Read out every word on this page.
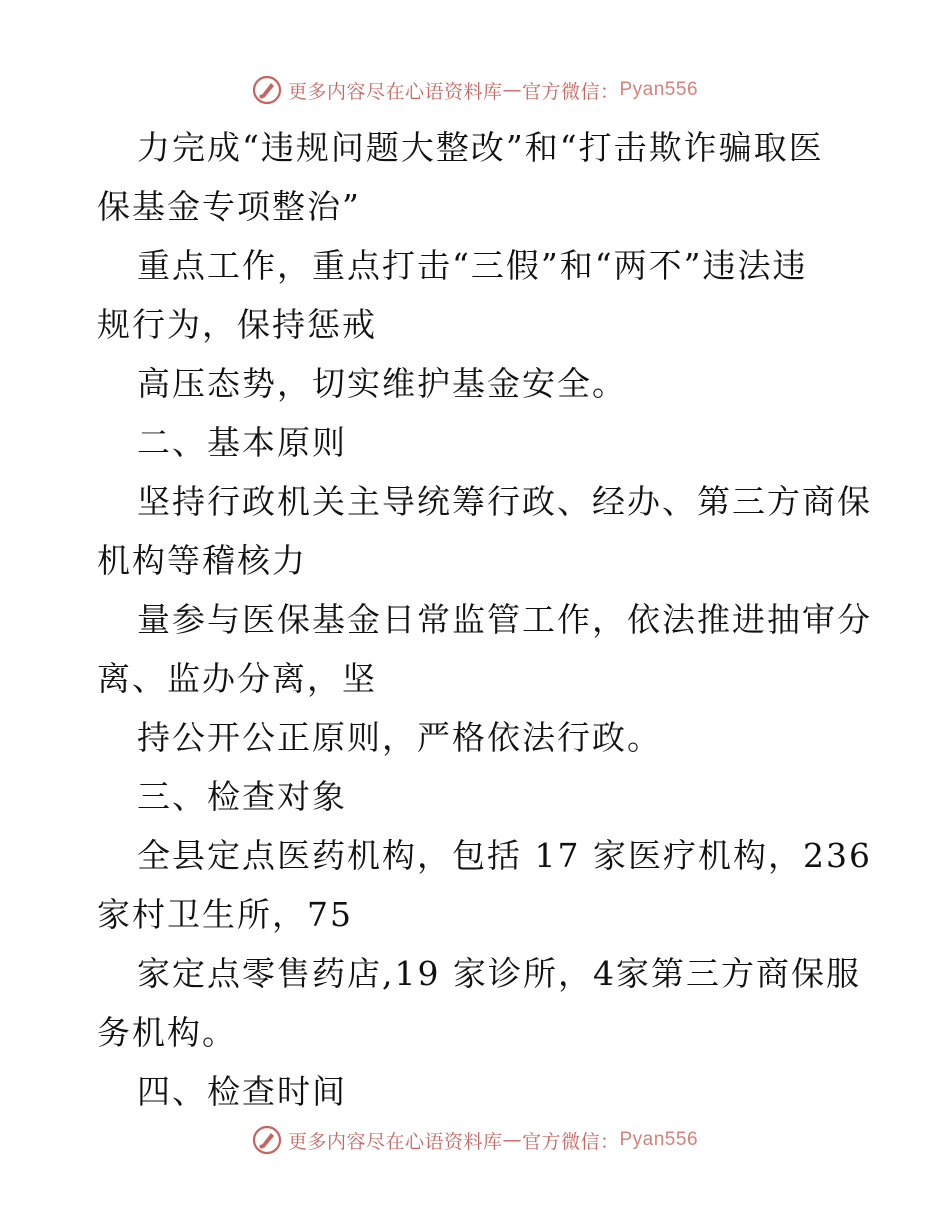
更多内容尽在心语资料库 — 官方微信： Pyan556
力完成“违规问题大整改”和“打击欺诈骗取医
保基金专项整治”
重点工作，重点打击“三假”和“两不”违法违
规行为，保持惩戒
高压态势，切实维护基金安全。
二、基本原则
坚持行政机关主导统筹行政、经办、第三方商保
机构等稽核力
量参与医保基金日常监管工作，依法推进抽审分
离、监办分离，坚
持公开公正原则，严格依法行政。
三、检查对象
全县定点医药机构，包括 17 家医疗机构，236
家村卫生所，75
家定点零售药店,19 家诊所，4家第三方商保服
务机构。
四、检查时间
更多内容尽在心语资料库 — 官方微信： Pyan556
